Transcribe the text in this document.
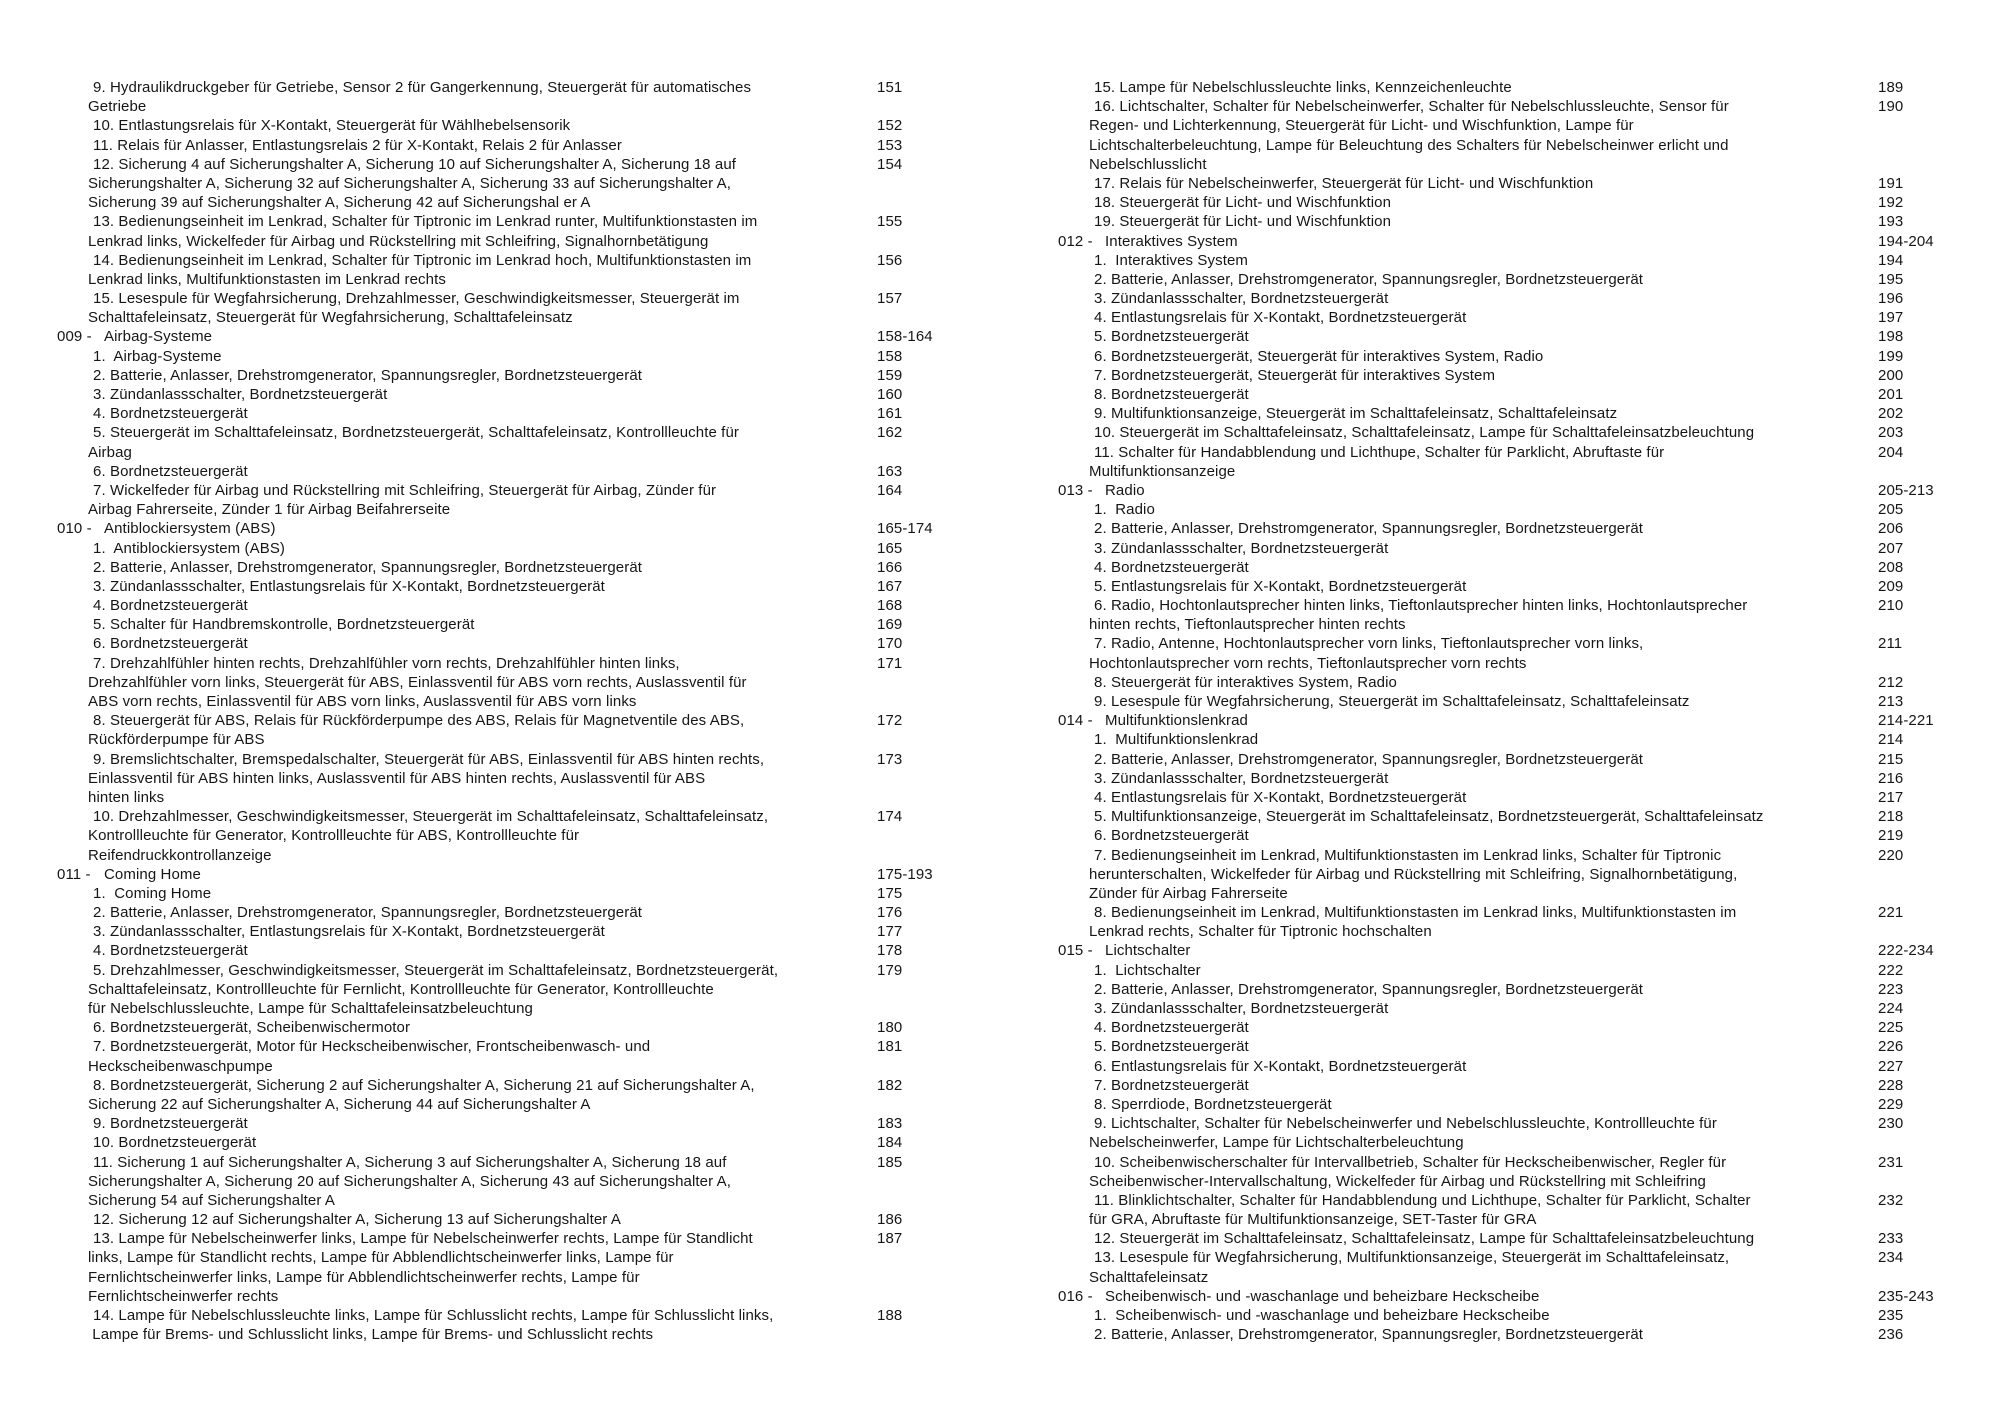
9. Hydraulikdruckgeber für Getriebe, Sensor 2 für Gangerkennung, Steuergerät für automatisches	151
Getriebe
10. Entlastungsrelais für X-Kontakt, Steuergerät für Wählhebelsensorik	152
11. Relais für Anlasser, Entlastungsrelais 2 für X-Kontakt, Relais 2 für Anlasser	153
12. Sicherung 4 auf Sicherungshalter A, Sicherung 10 auf Sicherungshalter A, Sicherung 18 auf	154
Sicherungshalter A, Sicherung 32 auf Sicherungshalter A, Sicherung 33 auf Sicherungshalter A,
Sicherung 39 auf Sicherungshalter A, Sicherung 42 auf Sicherungshal er A
13. Bedienungseinheit im Lenkrad, Schalter für Tiptronic im Lenkrad runter, Multifunktionstasten im	155
Lenkrad links, Wickelfeder für Airbag und Rückstellring mit Schleifring, Signalhornbetätigung
14. Bedienungseinheit im Lenkrad, Schalter für Tiptronic im Lenkrad hoch, Multifunktionstasten im	156
Lenkrad links, Multifunktionstasten im Lenkrad rechts
15. Lesespule für Wegfahrsicherung, Drehzahlmesser, Geschwindigkeitsmesser, Steuergerät im	157
Schalttafeleinsatz, Steuergerät für Wegfahrsicherung, Schalttafeleinsatz
009 - Airbag-Systeme	158-164
1.  Airbag-Systeme	158
2. Batterie, Anlasser, Drehstromgenerator, Spannungsregler, Bordnetzsteuergerät	159
3. Zündanlassschalter, Bordnetzsteuergerät	160
4. Bordnetzsteuergerät	161
5. Steuergerät im Schalttafeleinsatz, Bordnetzsteuergerät, Schalttafeleinsatz, Kontrollleuchte für	162
Airbag
6. Bordnetzsteuergerät	163
7. Wickelfeder für Airbag und Rückstellring mit Schleifring, Steuergerät für Airbag, Zünder für	164
Airbag Fahrerseite, Zünder 1 für Airbag Beifahrerseite
010 - Antiblockiersystem (ABS)	165-174
1.  Antiblockiersystem (ABS)	165
2. Batterie, Anlasser, Drehstromgenerator, Spannungsregler, Bordnetzsteuergerät	166
3. Zündanlassschalter, Entlastungsrelais für X-Kontakt, Bordnetzsteuergerät	167
4. Bordnetzsteuergerät	168
5. Schalter für Handbremskontrolle, Bordnetzsteuergerät	169
6. Bordnetzsteuergerät	170
7. Drehzahlfühler hinten rechts, Drehzahlfühler vorn rechts, Drehzahlfühler hinten links,	171
Drehzahlfühler vorn links, Steuergerät für ABS, Einlassventil für ABS vorn rechts, Auslassventil für
ABS vorn rechts, Einlassventil für ABS vorn links, Auslassventil für ABS vorn links
8. Steuergerät für ABS, Relais für Rückförderpumpe des ABS, Relais für Magnetventile des ABS,	172
Rückförderpumpe für ABS
9. Bremslichtschalter, Bremspedalschalter, Steuergerät für ABS, Einlassventil für ABS hinten rechts,	173
Einlassventil für ABS hinten links, Auslassventil für ABS hinten rechts, Auslassventil für ABS
hinten links
10. Drehzahlmesser, Geschwindigkeitsmesser, Steuergerät im Schalttafeleinsatz, Schalttafeleinsatz,	174
Kontrollleuchte für Generator, Kontrollleuchte für ABS, Kontrollleuchte für
Reifendruckkontrollanzeige
011 - Coming Home	175-193
1.  Coming Home	175
2. Batterie, Anlasser, Drehstromgenerator, Spannungsregler, Bordnetzsteuergerät	176
3. Zündanlassschalter, Entlastungsrelais für X-Kontakt, Bordnetzsteuergerät	177
4. Bordnetzsteuergerät	178
5. Drehzahlmesser, Geschwindigkeitsmesser, Steuergerät im Schalttafeleinsatz, Bordnetzsteuergerät,	179
Schalttafeleinsatz, Kontrollleuchte für Fernlicht, Kontrollleuchte für Generator, Kontrollleuchte
für Nebelschlussleuchte, Lampe für Schalttafeleinsatzbeleuchtung
6. Bordnetzsteuergerät, Scheibenwischermotor	180
7. Bordnetzsteuergerät, Motor für Heckscheibenwischer, Frontscheibenwasch- und	181
Heckscheibenwaschpumpe
8. Bordnetzsteuergerät, Sicherung 2 auf Sicherungshalter A, Sicherung 21 auf Sicherungshalter A,	182
Sicherung 22 auf Sicherungshalter A, Sicherung 44 auf Sicherungshalter A
9. Bordnetzsteuergerät	183
10. Bordnetzsteuergerät	184
11. Sicherung 1 auf Sicherungshalter A, Sicherung 3 auf Sicherungshalter A, Sicherung 18 auf	185
Sicherungshalter A, Sicherung 20 auf Sicherungshalter A, Sicherung 43 auf Sicherungshalter A,
Sicherung 54 auf Sicherungshalter A
12. Sicherung 12 auf Sicherungshalter A, Sicherung 13 auf Sicherungshalter A	186
13. Lampe für Nebelscheinwerfer links, Lampe für Nebelscheinwerfer rechts, Lampe für Standlicht	187
links, Lampe für Standlicht rechts, Lampe für Abblendlichtscheinwerfer links, Lampe für
Fernlichtscheinwerfer links, Lampe für Abblendlichtscheinwerfer rechts, Lampe für
Fernlichtscheinwerfer rechts
14. Lampe für Nebelschlussleuchte links, Lampe für Schlusslicht rechts, Lampe für Schlusslicht links,	188
Lampe für Brems- und Schlusslicht links, Lampe für Brems- und Schlusslicht rechts
15. Lampe für Nebelschlussleuchte links, Kennzeichenleuchte	189
16. Lichtschalter, Schalter für Nebelscheinwerfer, Schalter für Nebelschlussleuchte, Sensor für	190
Regen- und Lichterkennung, Steuergerät für Licht- und Wischfunktion, Lampe für
Lichtschalterbeleuchtung, Lampe für Beleuchtung des Schalters für Nebelscheinwer erlicht und
Nebelschlusslicht
17. Relais für Nebelscheinwerfer, Steuergerät für Licht- und Wischfunktion	191
18. Steuergerät für Licht- und Wischfunktion	192
19. Steuergerät für Licht- und Wischfunktion	193
012 - Interaktives System	194-204
1.  Interaktives System	194
2. Batterie, Anlasser, Drehstromgenerator, Spannungsregler, Bordnetzsteuergerät	195
3. Zündanlassschalter, Bordnetzsteuergerät	196
4. Entlastungsrelais für X-Kontakt, Bordnetzsteuergerät	197
5. Bordnetzsteuergerät	198
6. Bordnetzsteuergerät, Steuergerät für interaktives System, Radio	199
7. Bordnetzsteuergerät, Steuergerät für interaktives System	200
8. Bordnetzsteuergerät	201
9. Multifunktionsanzeige, Steuergerät im Schalttafeleinsatz, Schalttafeleinsatz	202
10. Steuergerät im Schalttafeleinsatz, Schalttafeleinsatz, Lampe für Schalttafeleinsatzbeleuchtung	203
11. Schalter für Handabblendung und Lichthupe, Schalter für Parklicht, Abruftaste für	204
Multifunktionsanzeige
013 - Radio	205-213
1.  Radio	205
2. Batterie, Anlasser, Drehstromgenerator, Spannungsregler, Bordnetzsteuergerät	206
3. Zündanlassschalter, Bordnetzsteuergerät	207
4. Bordnetzsteuergerät	208
5. Entlastungsrelais für X-Kontakt, Bordnetzsteuergerät	209
6. Radio, Hochtonlautsprecher hinten links, Tieftonlautsprecher hinten links, Hochtonlautsprecher	210
hinten rechts, Tieftonlautsprecher hinten rechts
7. Radio, Antenne, Hochtonlautsprecher vorn links, Tieftonlautsprecher vorn links,	211
Hochtonlautsprecher vorn rechts, Tieftonlautsprecher vorn rechts
8. Steuergerät für interaktives System, Radio	212
9. Lesespule für Wegfahrsicherung, Steuergerät im Schalttafeleinsatz, Schalttafeleinsatz	213
014 - Multifunktionslenkrad	214-221
1.  Multifunktionslenkrad	214
2. Batterie, Anlasser, Drehstromgenerator, Spannungsregler, Bordnetzsteuergerät	215
3. Zündanlassschalter, Bordnetzsteuergerät	216
4. Entlastungsrelais für X-Kontakt, Bordnetzsteuergerät	217
5. Multifunktionsanzeige, Steuergerät im Schalttafeleinsatz, Bordnetzsteuergerät, Schalttafeleinsatz	218
6. Bordnetzsteuergerät	219
7. Bedienungseinheit im Lenkrad, Multifunktionstasten im Lenkrad links, Schalter für Tiptronic	220
herunterschalten, Wickelfeder für Airbag und Rückstellring mit Schleifring, Signalhornbetätigung,
Zünder für Airbag Fahrerseite
8. Bedienungseinheit im Lenkrad, Multifunktionstasten im Lenkrad links, Multifunktionstasten im	221
Lenkrad rechts, Schalter für Tiptronic hochschalten
015 - Lichtschalter	222-234
1.  Lichtschalter	222
2. Batterie, Anlasser, Drehstromgenerator, Spannungsregler, Bordnetzsteuergerät	223
3. Zündanlassschalter, Bordnetzsteuergerät	224
4. Bordnetzsteuergerät	225
5. Bordnetzsteuergerät	226
6. Entlastungsrelais für X-Kontakt, Bordnetzsteuergerät	227
7. Bordnetzsteuergerät	228
8. Sperrdiode, Bordnetzsteuergerät	229
9. Lichtschalter, Schalter für Nebelscheinwerfer und Nebelschlussleuchte, Kontrollleuchte für	230
Nebelscheinwerfer, Lampe für Lichtschalterbeleuchtung
10. Scheibenwischerschalter für Intervallbetrieb, Schalter für Heckscheibenwischer, Regler für	231
Scheibenwischer-Intervallschaltung, Wickelfeder für Airbag und Rückstellring mit Schleifring
11. Blinklichtschalter, Schalter für Handabblendung und Lichthupe, Schalter für Parklicht, Schalter	232
für GRA, Abruftaste für Multifunktionsanzeige, SET-Taster für GRA
12. Steuergerät im Schalttafeleinsatz, Schalttafeleinsatz, Lampe für Schalttafeleinsatzbeleuchtung	233
13. Lesespule für Wegfahrsicherung, Multifunktionsanzeige, Steuergerät im Schalttafeleinsatz,	234
Schalttafeleinsatz
016 - Scheibenwisch- und -waschanlage und beheizbare Heckscheibe	235-243
1.  Scheibenwisch- und -waschanlage und beheizbare Heckscheibe	235
2. Batterie, Anlasser, Drehstromgenerator, Spannungsregler, Bordnetzsteuergerät	236
